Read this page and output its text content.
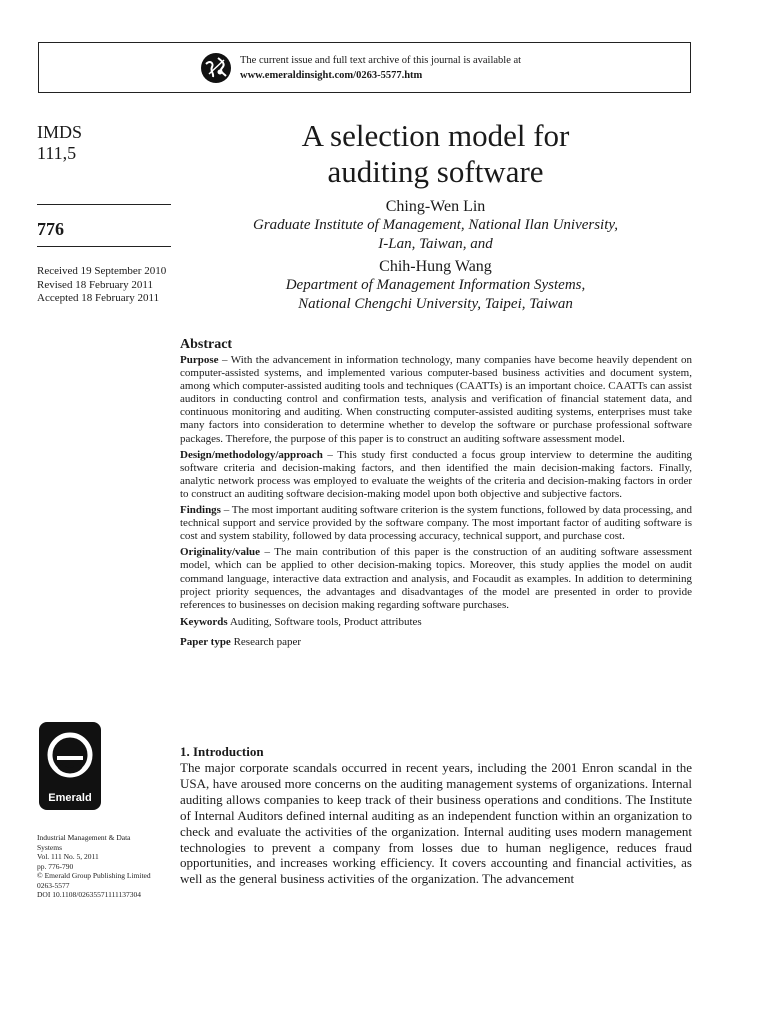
The current issue and full text archive of this journal is available at
www.emeraldinsight.com/0263-5577.htm
IMDS
111,5
776
Received 19 September 2010
Revised 18 February 2011
Accepted 18 February 2011
A selection model for
auditing software
Ching-Wen Lin
Graduate Institute of Management, National Ilan University,
I-Lan, Taiwan, and
Chih-Hung Wang
Department of Management Information Systems,
National Chengchi University, Taipei, Taiwan
Abstract

Purpose – With the advancement in information technology, many companies have become heavily dependent on computer-assisted systems, and implemented various computer-based business activities and document system, among which computer-assisted auditing tools and techniques (CAATTs) is an important choice. CAATTs can assist auditors in conducting control and confirmation tests, analysis and verification of financial statement data, and continuous monitoring and auditing. When constructing computer-assisted auditing systems, enterprises must take many factors into consideration to determine whether to develop the software or purchase professional software packages. Therefore, the purpose of this paper is to construct an auditing software assessment model.

Design/methodology/approach – This study first conducted a focus group interview to determine the auditing software criteria and decision-making factors, and then identified the main decision-making factors. Finally, analytic network process was employed to evaluate the weights of the criteria and decision-making factors in order to construct an auditing software decision-making model upon both objective and subjective factors.

Findings – The most important auditing software criterion is the system functions, followed by data processing, and technical support and service provided by the software company. The most important factor of auditing software is cost and system stability, followed by data processing accuracy, technical support, and purchase cost.

Originality/value – The main contribution of this paper is the construction of an auditing software assessment model, which can be applied to other decision-making topics. Moreover, this study applies the model on audit command language, interactive data extraction and analysis, and Focaudit as examples. In addition to determining project priority sequences, the advantages and disadvantages of the model are presented in order to provide references to businesses on decision making regarding software purchases.

Keywords Auditing, Software tools, Product attributes
Paper type Research paper
Emerald
Industrial Management & Data
Systems
Vol. 111 No. 5, 2011
pp. 776-790
© Emerald Group Publishing Limited
0263-5577
DOI 10.1108/02635571111137304
1. Introduction
The major corporate scandals occurred in recent years, including the 2001 Enron scandal in the USA, have aroused more concerns on the auditing management systems of organizations. Internal auditing allows companies to keep track of their business operations and conditions. The Institute of Internal Auditors defined internal auditing as an independent function within an organization to check and evaluate the activities of the organization. Internal auditing uses modern management technologies to prevent a company from losses due to human negligence, reduces fraud opportunities, and increases working efficiency. It covers accounting and financial activities, as well as the general business activities of the organization. The advancement
